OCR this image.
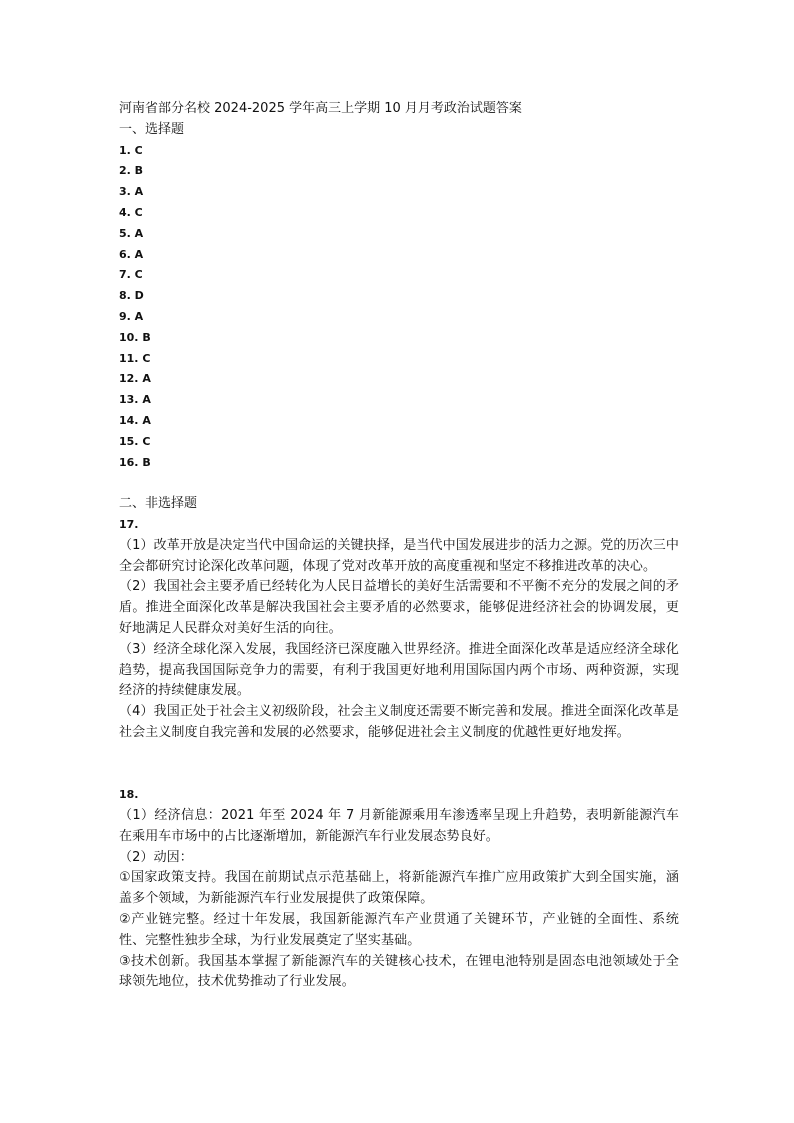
河南省部分名校 2024-2025 学年高三上学期 10 月月考政治试题答案
一、选择题
1. C
2. B
3. A
4. C
5. A
6. A
7. C
8. D
9. A
10. B
11. C
12. A
13. A
14. A
15. C
16. B
二、非选择题
17.
（1）改革开放是决定当代中国命运的关键抉择，是当代中国发展进步的活力之源。党的历次三中全会都研究讨论深化改革问题，体现了党对改革开放的高度重视和坚定不移推进改革的决心。
（2）我国社会主要矛盾已经转化为人民日益增长的美好生活需要和不平衡不充分的发展之间的矛盾。推进全面深化改革是解决我国社会主要矛盾的必然要求，能够促进经济社会的协调发展，更好地满足人民群众对美好生活的向往。
（3）经济全球化深入发展，我国经济已深度融入世界经济。推进全面深化改革是适应经济全球化趋势，提高我国国际竞争力的需要，有利于我国更好地利用国际国内两个市场、两种资源，实现经济的持续健康发展。
（4）我国正处于社会主义初级阶段，社会主义制度还需要不断完善和发展。推进全面深化改革是社会主义制度自我完善和发展的必然要求，能够促进社会主义制度的优越性更好地发挥。
18.
（1）经济信息：2021 年至 2024 年 7 月新能源乘用车渗透率呈现上升趋势，表明新能源汽车在乘用车市场中的占比逐渐增加，新能源汽车行业发展态势良好。
（2）动因：
①国家政策支持。我国在前期试点示范基础上，将新能源汽车推广应用政策扩大到全国实施，涵盖多个领域，为新能源汽车行业发展提供了政策保障。
②产业链完整。经过十年发展，我国新能源汽车产业贯通了关键环节，产业链的全面性、系统性、完整性独步全球，为行业发展奠定了坚实基础。
③技术创新。我国基本掌握了新能源汽车的关键核心技术，在锂电池特别是固态电池领域处于全球领先地位，技术优势推动了行业发展。
